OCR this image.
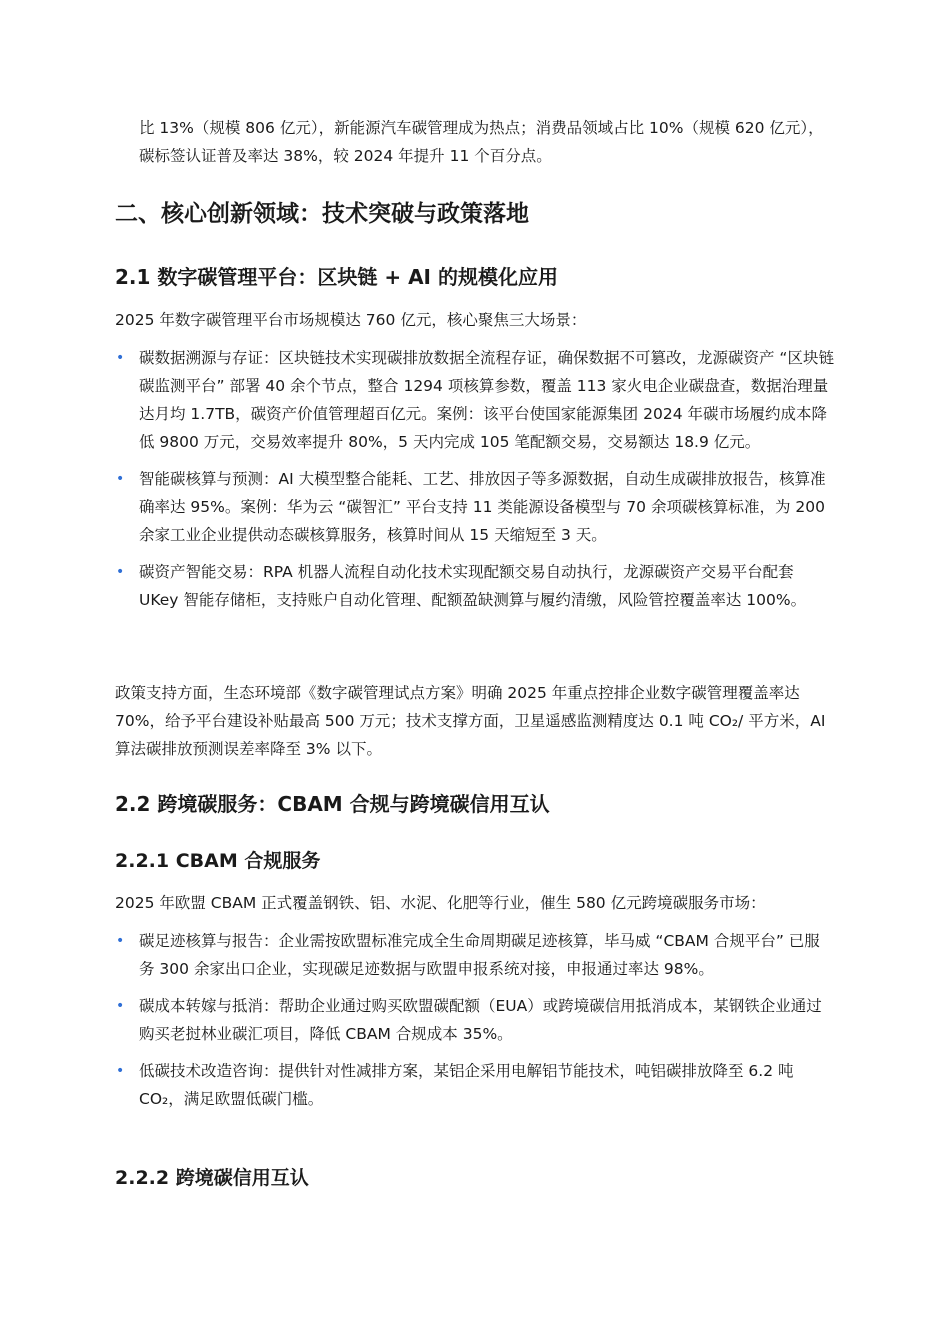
比 13%（规模 806 亿元），新能源汽车碳管理成为热点；消费品领域占比 10%（规模 620 亿元），碳标签认证普及率达 38%，较 2024 年提升 11 个百分点。

二、核心创新领域：技术突破与政策落地
2.1 数字碳管理平台：区块链 + AI 的规模化应用

2025 年数字碳管理平台市场规模达 760 亿元，核心聚焦三大场景：

• 碳数据溯源与存证：区块链技术实现碳排放数据全流程存证，确保数据不可篡改，龙源碳资产 “区块链碳监测平台” 部署 40 余个节点，整合 1294 项核算参数，覆盖 113 家火电企业碳盘查，数据治理量达月均 1.7TB，碳资产价值管理超百亿元。案例：该平台使国家能源集团 2024 年碳市场履约成本降低 9800 万元，交易效率提升 80%，5 天内完成 105 笔配额交易，交易额达 18.9 亿元。
• 智能碳核算与预测：AI 大模型整合能耗、工艺、排放因子等多源数据，自动生成碳排放报告，核算准确率达 95%。案例：华为云 “碳智汇” 平台支持 11 类能源设备模型与 70 余项碳核算标准，为 200 余家工业企业提供动态碳核算服务，核算时间从 15 天缩短至 3 天。
• 碳资产智能交易：RPA 机器人流程自动化技术实现配额交易自动执行，龙源碳资产交易平台配套 UKey 智能存储柜，支持账户自动化管理、配额盈缺测算与履约清缴，风险管控覆盖率达 100%。

政策支持方面，生态环境部《数字碳管理试点方案》明确 2025 年重点控排企业数字碳管理覆盖率达 70%，给予平台建设补贴最高 500 万元；技术支撑方面，卫星遥感监测精度达 0.1 吨 CO₂/ 平方米，AI 算法碳排放预测误差率降至 3% 以下。

2.2 跨境碳服务：CBAM 合规与跨境碳信用互认
2.2.1 CBAM 合规服务

2025 年欧盟 CBAM 正式覆盖钢铁、铝、水泥、化肥等行业，催生 580 亿元跨境碳服务市场：

• 碳足迹核算与报告：企业需按欧盟标准完成全生命周期碳足迹核算，毕马威 “CBAM 合规平台” 已服务 300 余家出口企业，实现碳足迹数据与欧盟申报系统对接，申报通过率达 98%。
• 碳成本转嫁与抵消：帮助企业通过购买欧盟碳配额（EUA）或跨境碳信用抵消成本，某钢铁企业通过购买老挝林业碳汇项目，降低 CBAM 合规成本 35%。
• 低碳技术改造咨询：提供针对性减排方案，某铝企采用电解铝节能技术，吨铝碳排放降至 6.2 吨 CO₂，满足欧盟低碳门槛。
2.2.2 跨境碳信用互认
